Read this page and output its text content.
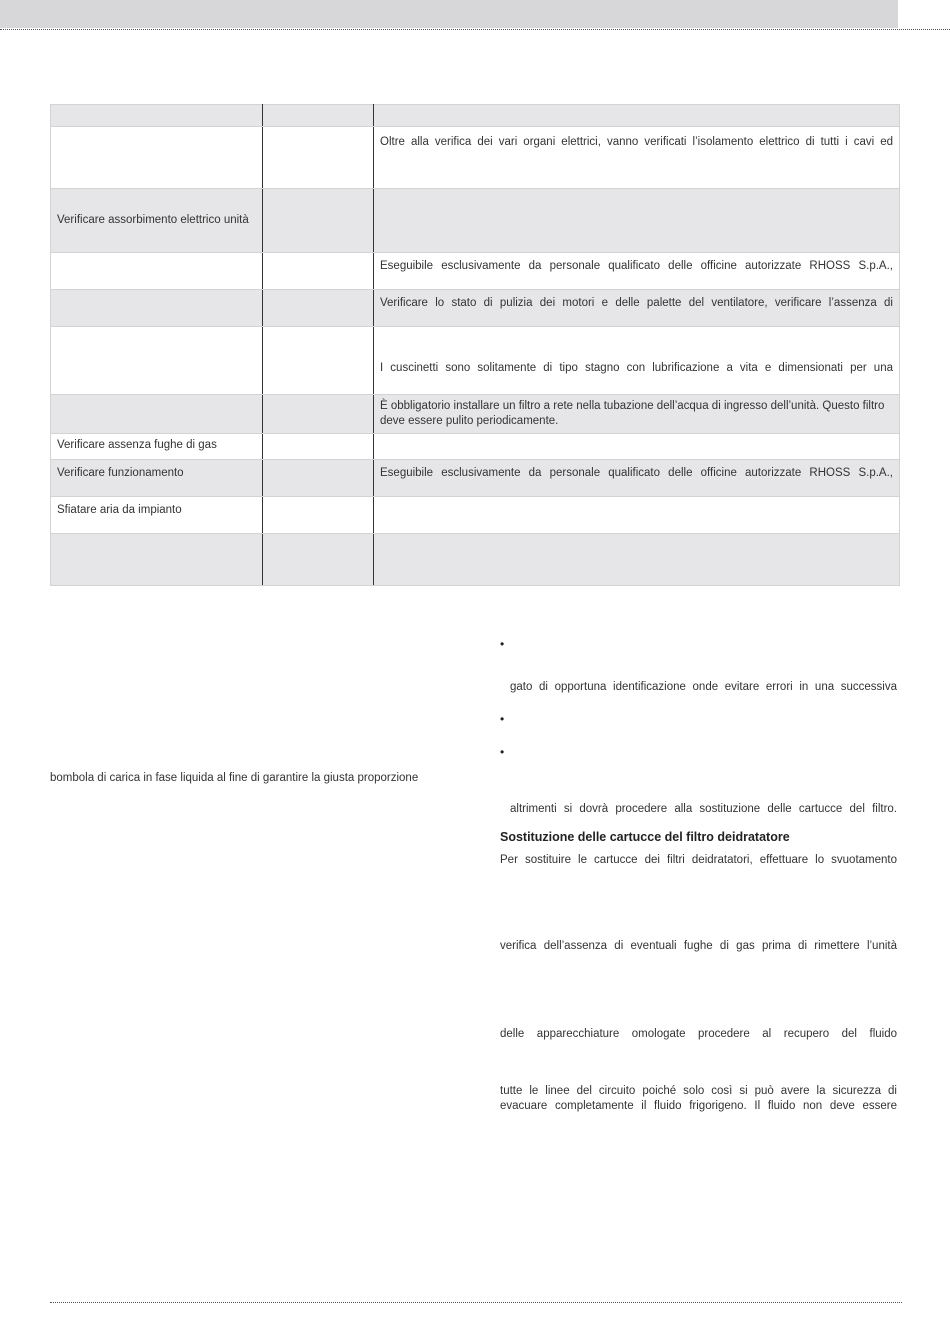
		Oltre alla verifica dei vari organi elettrici, vanno verificati l’isolamento elettrico di tutti i cavi ed
Verificare assorbimento elettrico unità		
		Eseguibile esclusivamente da personale qualificato delle officine autorizzate RHOSS S.p.A.,
		Verificare lo stato di pulizia dei motori e delle palette del ventilatore, verificare l’assenza di
		I cuscinetti sono solitamente di tipo stagno con lubrificazione a vita e dimensionati per una
		È obbligatorio installare un filtro a rete nella tubazione dell’acqua di ingresso dell’unità. Questo filtro deve essere pulito periodicamente.
Verificare assenza fughe di gas		
Verificare funzionamento		Eseguibile esclusivamente da personale qualificato delle officine autorizzate RHOSS S.p.A.,
Sfiatare aria da impianto		

bombola di carica in fase liquida al fine di garantire la giusta proporzione
•
gato di opportuna identificazione onde evitare errori in una successiva
•
•
altrimenti si dovrà procedere alla sostituzione delle cartucce del filtro.
Sostituzione delle cartucce del filtro deidratatore
Per sostituire le cartucce dei filtri deidratatori, effettuare lo svuotamento
verifica dell’assenza di eventuali fughe di gas prima di rimettere l’unità
delle apparecchiature omologate procedere al recupero del fluido
tutte le linee del circuito poiché solo così si può avere la sicurezza di
evacuare completamente il fluido frigorigeno. Il fluido non deve essere
